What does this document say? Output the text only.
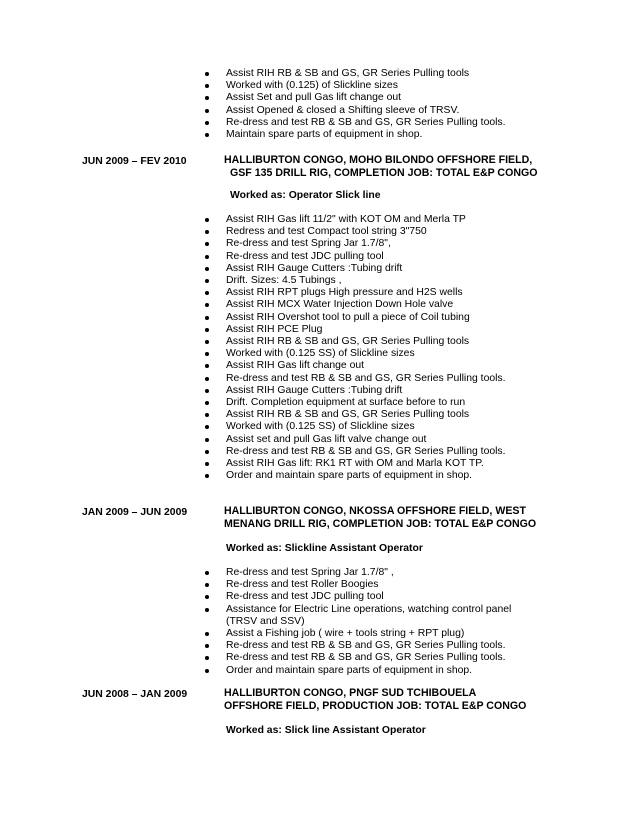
Assist RIH RB & SB and GS, GR Series Pulling tools
Worked with (0.125) of Slickline sizes
Assist Set and pull Gas lift change out
Assist Opened & closed a Shifting sleeve of TRSV.
Re-dress and test RB & SB and GS, GR Series Pulling tools.
Maintain spare parts of equipment in shop.
JUN 2009 – FEV 2010	HALLIBURTON CONGO, MOHO BILONDO OFFSHORE FIELD,
GSF 135 DRILL RIG, COMPLETION JOB: TOTAL E&P CONGO
Worked as: Operator Slick line
Assist RIH Gas lift 11/2" with KOT OM and Merla TP
Redress and test Compact tool string 3"750
Re-dress and test Spring Jar 1.7/8",
Re-dress and test JDC pulling tool
Assist RIH Gauge Cutters :Tubing drift
Drift. Sizes: 4.5 Tubings ,
Assist RIH RPT plugs High pressure and H2S wells
Assist RIH MCX Water Injection Down Hole valve
Assist RIH Overshot tool to pull a piece of Coil tubing
Assist RIH PCE Plug
Assist RIH RB & SB and GS, GR Series Pulling tools
Worked with (0.125 SS) of Slickline sizes
Assist RIH Gas lift change out
Re-dress and test RB & SB and GS, GR Series Pulling tools.
Assist RIH Gauge Cutters :Tubing drift
Drift. Completion equipment at surface before to run
Assist RIH RB & SB and GS, GR Series Pulling tools
Worked with (0.125 SS) of Slickline sizes
Assist set and pull Gas lift valve change out
Re-dress and test RB & SB and GS, GR Series Pulling tools.
Assist RIH Gas lift: RK1 RT with OM and Marla KOT TP.
Order and maintain spare parts of equipment in shop.
JAN 2009 – JUN 2009	HALLIBURTON CONGO, NKOSSA OFFSHORE FIELD, WEST
MENANG DRILL RIG, COMPLETION JOB: TOTAL E&P CONGO
Worked as: Slickline Assistant Operator
Re-dress and test Spring Jar 1.7/8" ,
Re-dress and test Roller Boogies
Re-dress and test JDC pulling tool
Assistance for Electric Line operations, watching control panel (TRSV and SSV)
Assist a Fishing job ( wire + tools string + RPT plug)
Re-dress and test RB & SB and GS, GR Series Pulling tools.
Re-dress and test RB & SB and GS, GR Series Pulling tools.
Order and maintain spare parts of equipment in shop.
JUN 2008 – JAN 2009	HALLIBURTON CONGO, PNGF SUD TCHIBOUELA
OFFSHORE FIELD, PRODUCTION JOB: TOTAL E&P CONGO
Worked as: Slick line Assistant Operator
